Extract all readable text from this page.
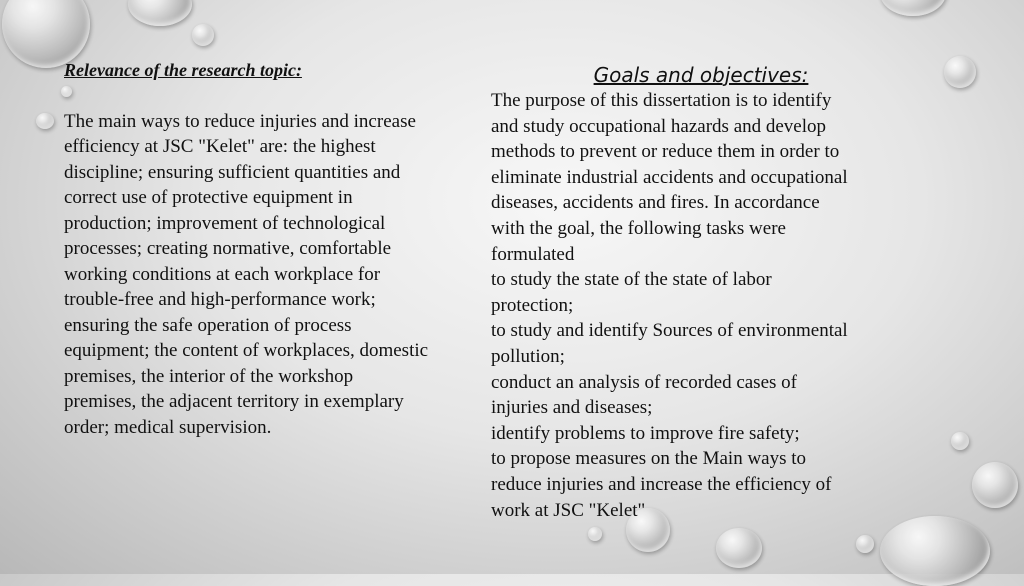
Relevance of the research topic:
The main ways to reduce injuries and increase
efficiency at JSC "Kelet" are: the highest
discipline; ensuring sufficient quantities and
correct use of protective equipment in
production; improvement of technological
processes; creating normative, comfortable
working conditions at each workplace for
trouble-free and high-performance work;
ensuring the safe operation of process
equipment; the content of workplaces, domestic
premises, the interior of the workshop
premises, the adjacent territory in exemplary
order; medical supervision.
Goals and objectives:
The purpose of this dissertation is to identify
and study occupational hazards and develop
methods to prevent or reduce them in order to
eliminate industrial accidents and occupational
diseases, accidents and fires. In accordance
with the goal, the following tasks were
formulated
to study the state of the state of labor
protection;
to study and identify Sources of environmental
pollution;
conduct an analysis of recorded cases of
injuries and diseases;
identify problems to improve fire safety;
to propose measures on the Main ways to
reduce injuries and increase the efficiency of
work at JSC "Kelet"
